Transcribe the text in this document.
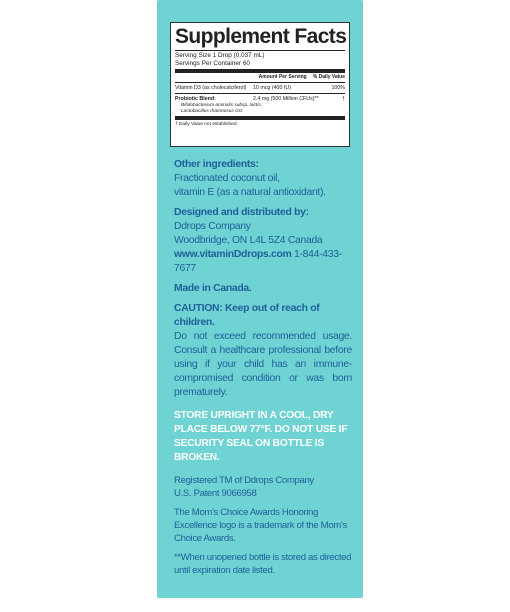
Supplement Facts
Serving Size 1 Drop (0.037 mL)
Servings Per Container 60
Amount Per Serving % Daily Value
Vitamin D3 (as cholecalciferol)	10 mcg (400 IU)	100%
Probiotic Blend:	2.4 mg (500 Million CFUs)**	†
Bifidobacterium animalis subsp. lactis,
Lactobacillus rhamnosus GG
† Daily Value not established.

Other ingredients:

Fractionated coconut oil,

vitamin E (as a natural antioxidant).

Designed and distributed by:

Ddrops Company

Woodbridge, ON L4L 5Z4 Canada

www.vitaminDdrops.com 1-844-433-7677

Made in Canada.

CAUTION: Keep out of reach of children.

Do not exceed recommended usage. Consult a healthcare professional before using if your child has an immune-compromised condition or was born prematurely.

STORE UPRIGHT IN A COOL, DRY PLACE BELOW 77°F. DO NOT USE IF SECURITY SEAL ON BOTTLE IS BROKEN.

Registered TM of Ddrops Company

U.S. Patent 9066958

The Mom's Choice Awards Honoring Excellence logo is a trademark of the Mom's Choice Awards.

**When unopened bottle is stored as directed until expiration date listed.
